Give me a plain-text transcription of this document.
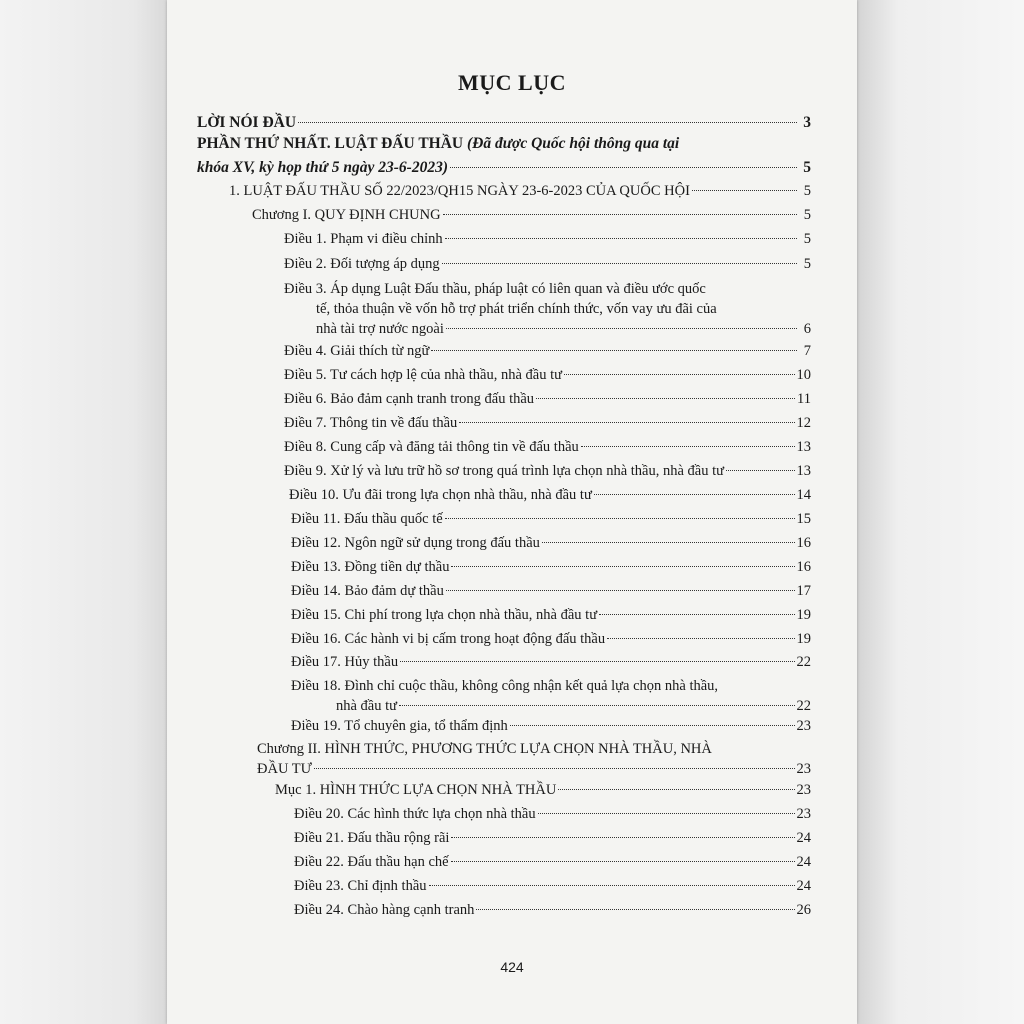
MỤC LỤC
LỜI NÓI ĐẦU	3
PHẦN THỨ NHẤT. LUẬT ĐẤU THẦU (Đã được Quốc hội thông qua tại
khóa XV, kỳ họp thứ 5 ngày 23-6-2023)	5
1. LUẬT ĐẤU THẦU SỐ 22/2023/QH15 NGÀY 23-6-2023 CỦA QUỐC HỘI	5
Chương I. QUY ĐỊNH CHUNG	5
Điều 1. Phạm vi điều chỉnh	5
Điều 2. Đối tượng áp dụng	5
Điều 3. Áp dụng Luật Đấu thầu, pháp luật có liên quan và điều ước quốc
tế, thỏa thuận về vốn hỗ trợ phát triển chính thức, vốn vay ưu đãi của
nhà tài trợ nước ngoài	6
Điều 4. Giải thích từ ngữ	7
Điều 5. Tư cách hợp lệ của nhà thầu, nhà đầu tư	10
Điều 6. Bảo đảm cạnh tranh trong đấu thầu	11
Điều 7. Thông tin về đấu thầu	12
Điều 8. Cung cấp và đăng tải thông tin về đấu thầu	13
Điều 9. Xử lý và lưu trữ hồ sơ trong quá trình lựa chọn nhà thầu, nhà đầu tư	13
Điều 10. Ưu đãi trong lựa chọn nhà thầu, nhà đầu tư	14
Điều 11. Đấu thầu quốc tế	15
Điều 12. Ngôn ngữ sử dụng trong đấu thầu	16
Điều 13. Đồng tiền dự thầu	16
Điều 14. Bảo đảm dự thầu	17
Điều 15. Chi phí trong lựa chọn nhà thầu, nhà đầu tư	19
Điều 16. Các hành vi bị cấm trong hoạt động đấu thầu	19
Điều 17. Hủy thầu	22
Điều 18. Đình chỉ cuộc thầu, không công nhận kết quả lựa chọn nhà thầu,
nhà đầu tư	22
Điều 19. Tổ chuyên gia, tổ thẩm định	23
Chương II. HÌNH THỨC, PHƯƠNG THỨC LỰA CHỌN NHÀ THẦU, NHÀ
ĐẦU TƯ	23
Mục 1. HÌNH THỨC LỰA CHỌN NHÀ THẦU	23
Điều 20. Các hình thức lựa chọn nhà thầu	23
Điều 21. Đấu thầu rộng rãi	24
Điều 22. Đấu thầu hạn chế	24
Điều 23. Chỉ định thầu	24
Điều 24. Chào hàng cạnh tranh	26
424
